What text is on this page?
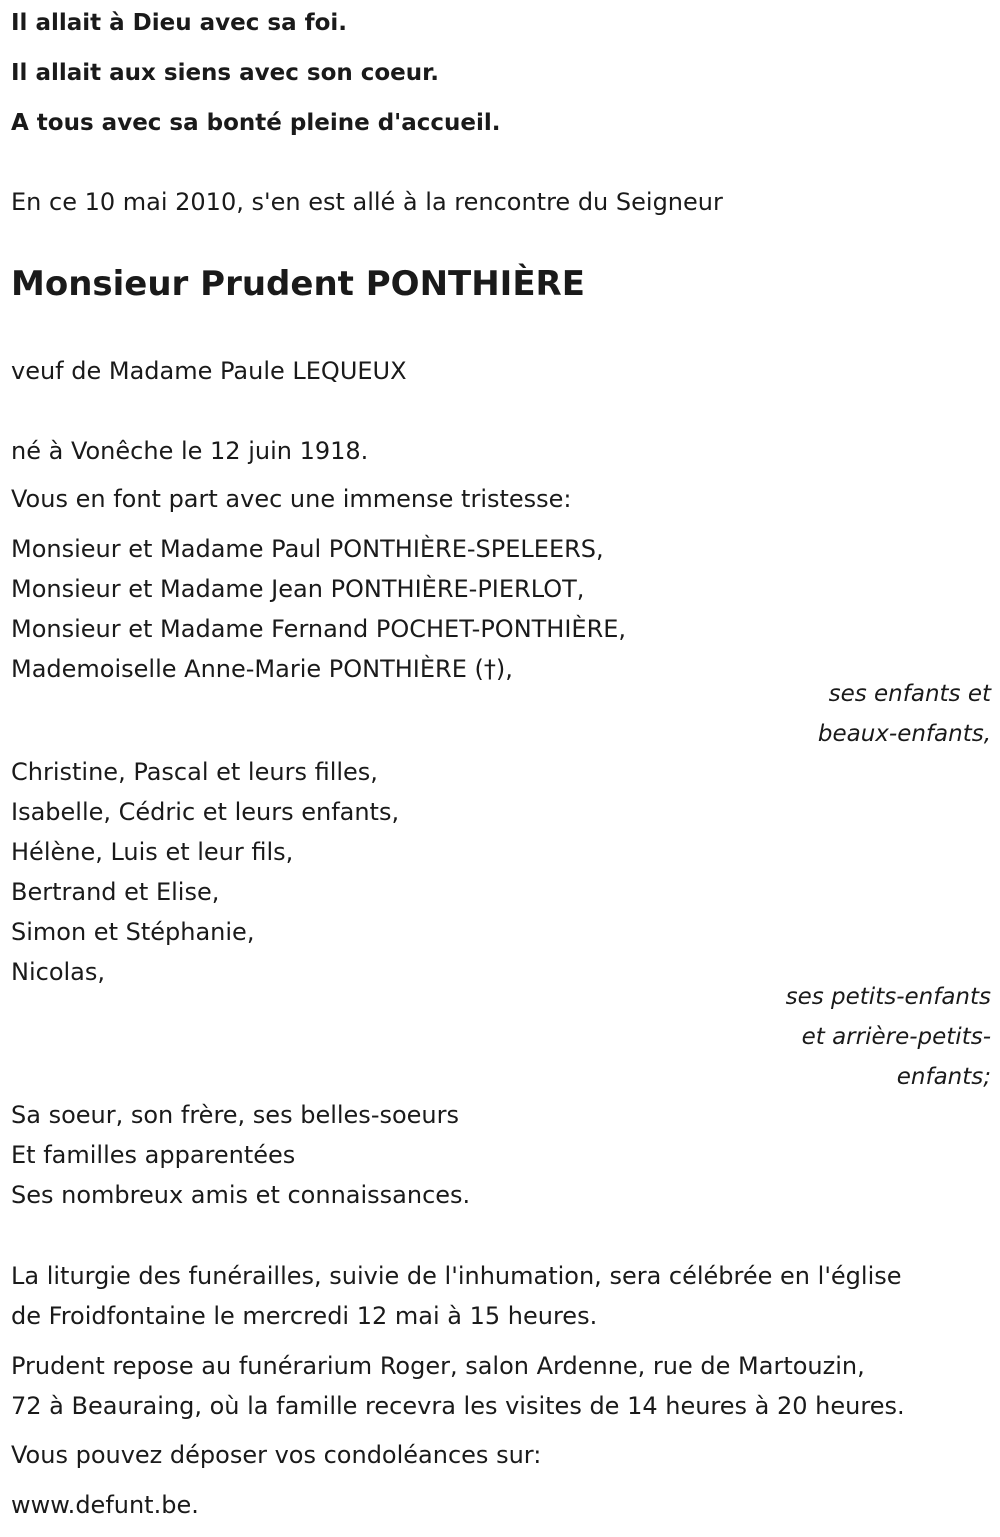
Il allait à Dieu avec sa foi.

Il allait aux siens avec son coeur.

A tous avec sa bonté pleine d'accueil.

En ce 10 mai 2010, s'en est allé à la rencontre du Seigneur

Monsieur Prudent PONTHIÈRE

veuf de Madame Paule LEQUEUX

né à Vonêche le 12 juin 1918.

Vous en font part avec une immense tristesse:

Monsieur et Madame Paul PONTHIÈRE-SPELEERS,

Monsieur et Madame Jean PONTHIÈRE-PIERLOT,

Monsieur et Madame Fernand POCHET-PONTHIÈRE,

Mademoiselle Anne-Marie PONTHIÈRE (†),

ses enfants et

beaux-enfants,

Christine, Pascal et leurs filles,

Isabelle, Cédric et leurs enfants,

Hélène, Luis et leur fils,

Bertrand et Elise,

Simon et Stéphanie,

Nicolas,

ses petits-enfants

et arrière-petits-

enfants;

Sa soeur, son frère, ses belles-soeurs

Et familles apparentées

Ses nombreux amis et connaissances.

La liturgie des funérailles, suivie de l'inhumation, sera célébrée en l'église

de Froidfontaine le mercredi 12 mai à 15 heures.

Prudent repose au funérarium Roger, salon Ardenne, rue de Martouzin,

72 à Beauraing, où la famille recevra les visites de 14 heures à 20 heures.

Vous pouvez déposer vos condoléances sur:

www.defunt.be.
